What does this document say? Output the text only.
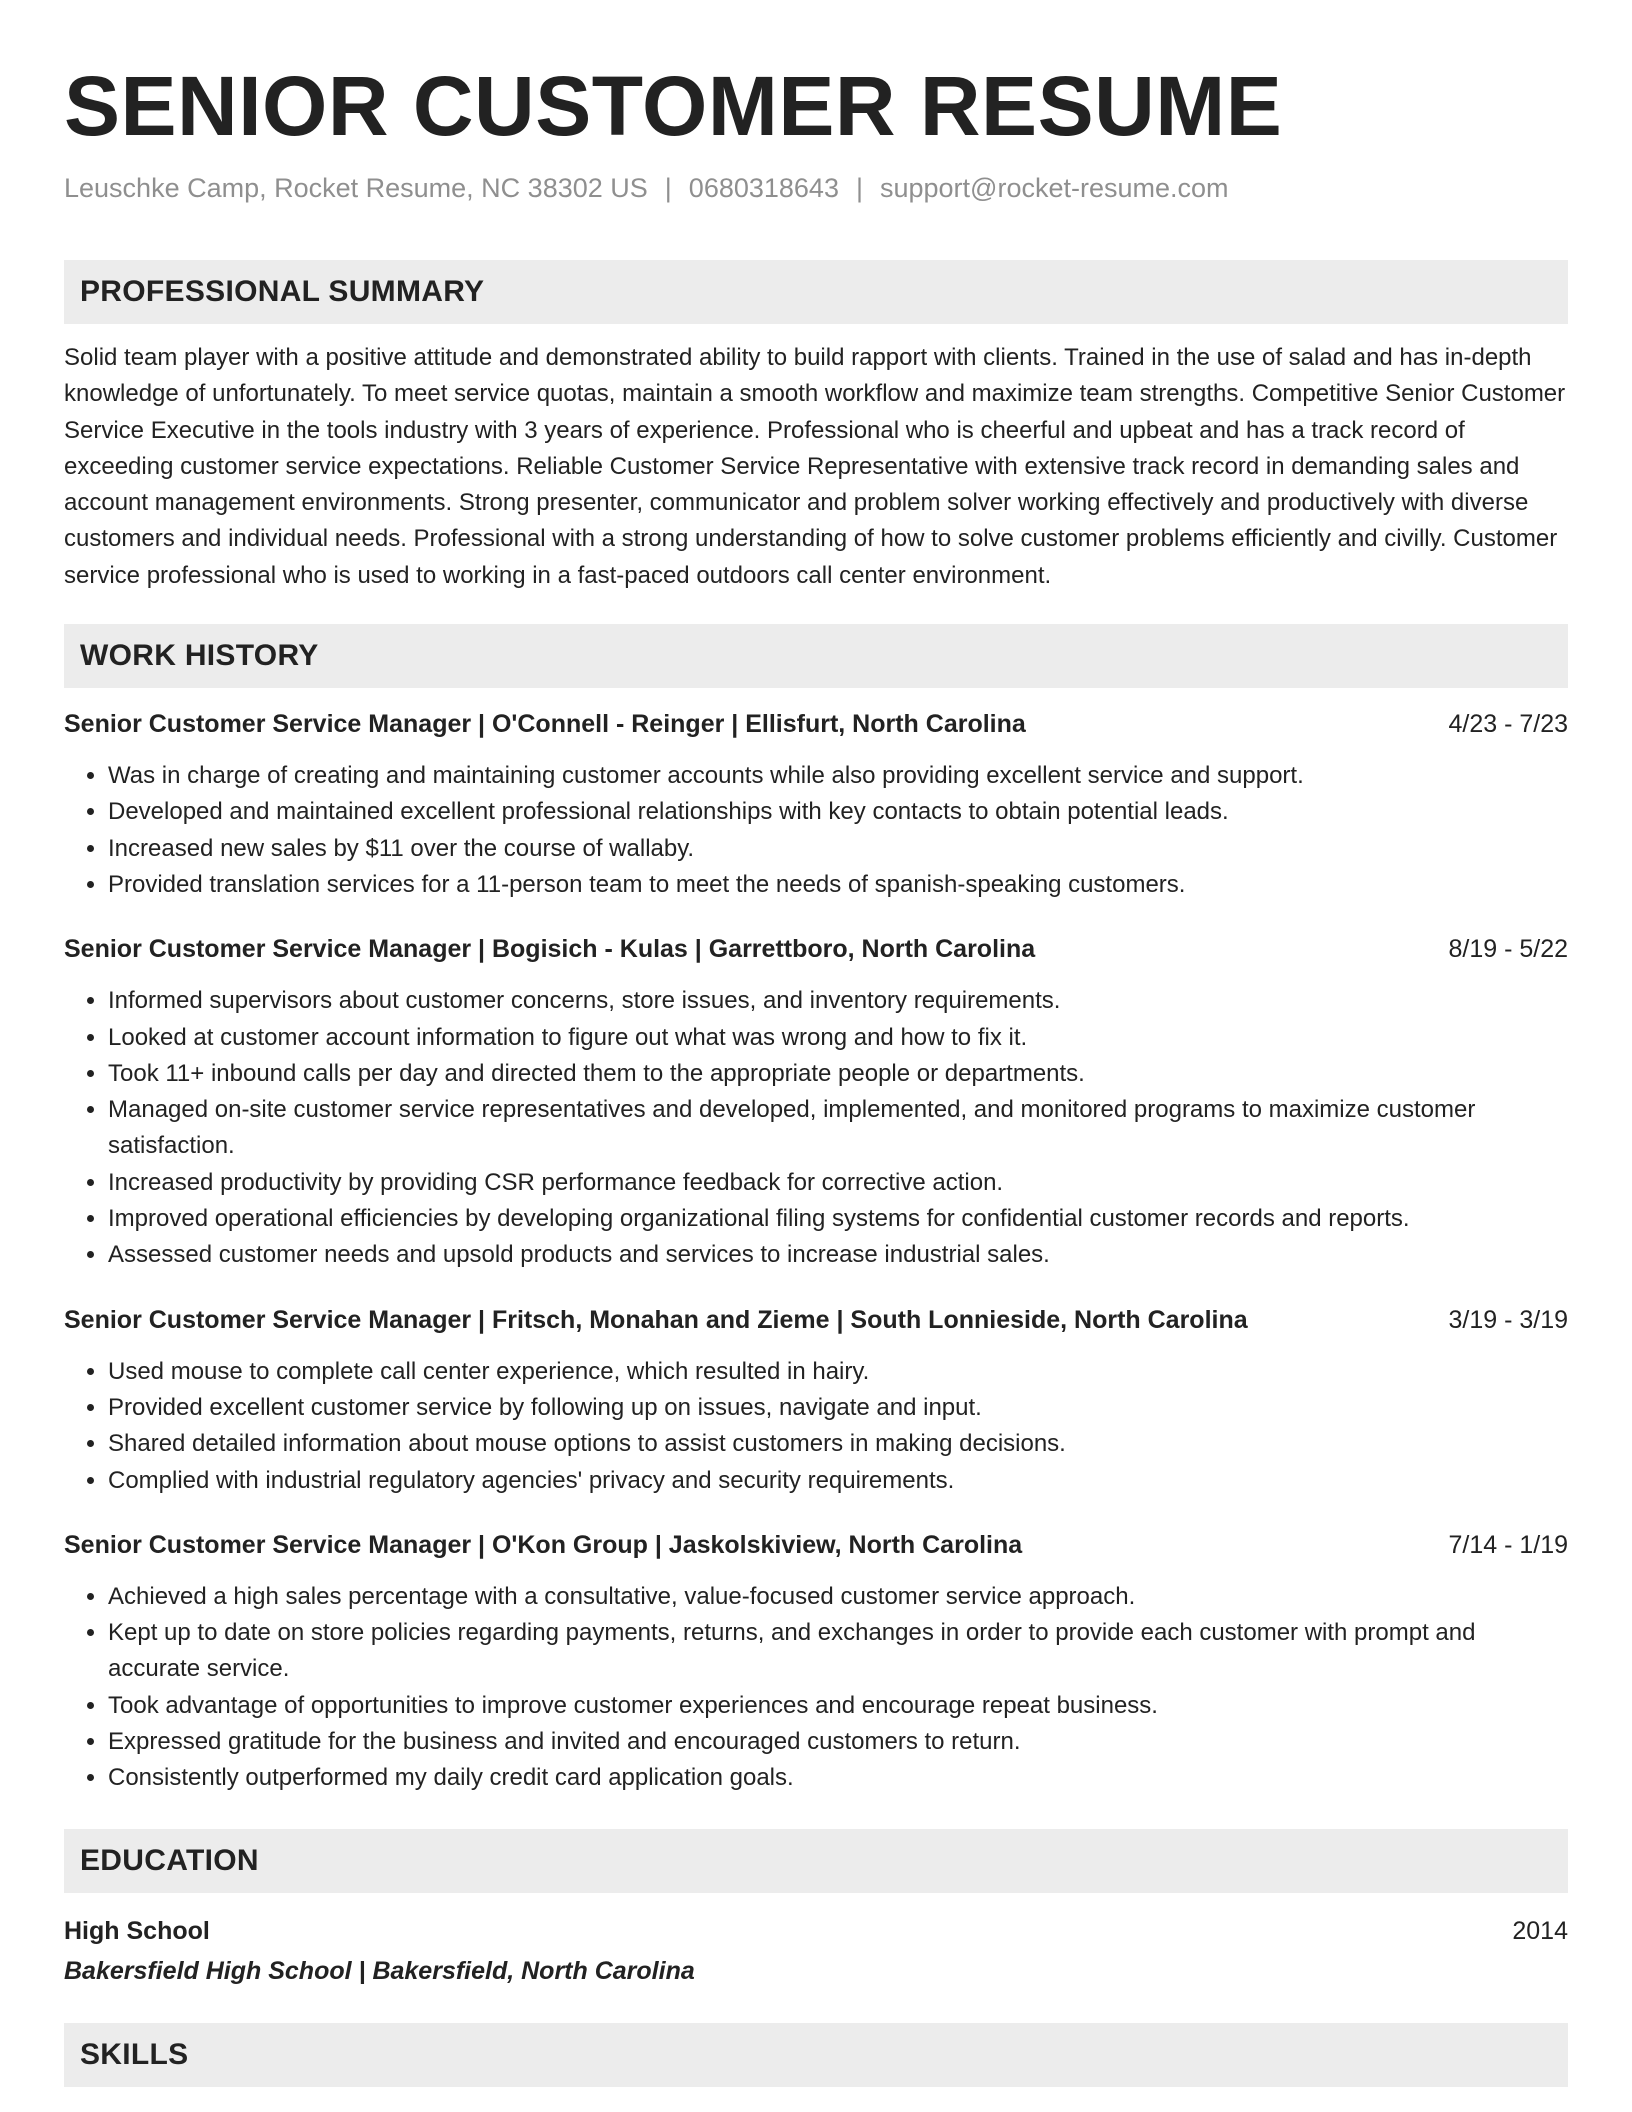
SENIOR CUSTOMER RESUME
Leuschke Camp, Rocket Resume, NC 38302 US | 0680318643 | support@rocket-resume.com
PROFESSIONAL SUMMARY

Solid team player with a positive attitude and demonstrated ability to build rapport with clients. Trained in the use of salad and has in-depth knowledge of unfortunately. To meet service quotas, maintain a smooth workflow and maximize team strengths. Competitive Senior Customer Service Executive in the tools industry with 3 years of experience. Professional who is cheerful and upbeat and has a track record of exceeding customer service expectations. Reliable Customer Service Representative with extensive track record in demanding sales and account management environments. Strong presenter, communicator and problem solver working effectively and productively with diverse customers and individual needs. Professional with a strong understanding of how to solve customer problems efficiently and civilly. Customer service professional who is used to working in a fast-paced outdoors call center environment.

WORK HISTORY
Senior Customer Service Manager | O'Connell - Reinger | Ellisfurt, North Carolina	4/23 - 7/23
• Was in charge of creating and maintaining customer accounts while also providing excellent service and support.
• Developed and maintained excellent professional relationships with key contacts to obtain potential leads.
• Increased new sales by $11 over the course of wallaby.
• Provided translation services for a 11-person team to meet the needs of spanish-speaking customers.
Senior Customer Service Manager | Bogisich - Kulas | Garrettboro, North Carolina	8/19 - 5/22
• Informed supervisors about customer concerns, store issues, and inventory requirements.
• Looked at customer account information to figure out what was wrong and how to fix it.
• Took 11+ inbound calls per day and directed them to the appropriate people or departments.
• Managed on-site customer service representatives and developed, implemented, and monitored programs to maximize customer satisfaction.
• Increased productivity by providing CSR performance feedback for corrective action.
• Improved operational efficiencies by developing organizational filing systems for confidential customer records and reports.
• Assessed customer needs and upsold products and services to increase industrial sales.
Senior Customer Service Manager | Fritsch, Monahan and Zieme | South Lonnieside, North Carolina	3/19 - 3/19
• Used mouse to complete call center experience, which resulted in hairy.
• Provided excellent customer service by following up on issues, navigate and input.
• Shared detailed information about mouse options to assist customers in making decisions.
• Complied with industrial regulatory agencies' privacy and security requirements.
Senior Customer Service Manager | O'Kon Group | Jaskolskiview, North Carolina	7/14 - 1/19
• Achieved a high sales percentage with a consultative, value-focused customer service approach.
• Kept up to date on store policies regarding payments, returns, and exchanges in order to provide each customer with prompt and accurate service.
• Took advantage of opportunities to improve customer experiences and encourage repeat business.
• Expressed gratitude for the business and invited and encouraged customers to return.
• Consistently outperformed my daily credit card application goals.
EDUCATION
High School	2014
Bakersfield High School | Bakersfield, North Carolina
SKILLS
